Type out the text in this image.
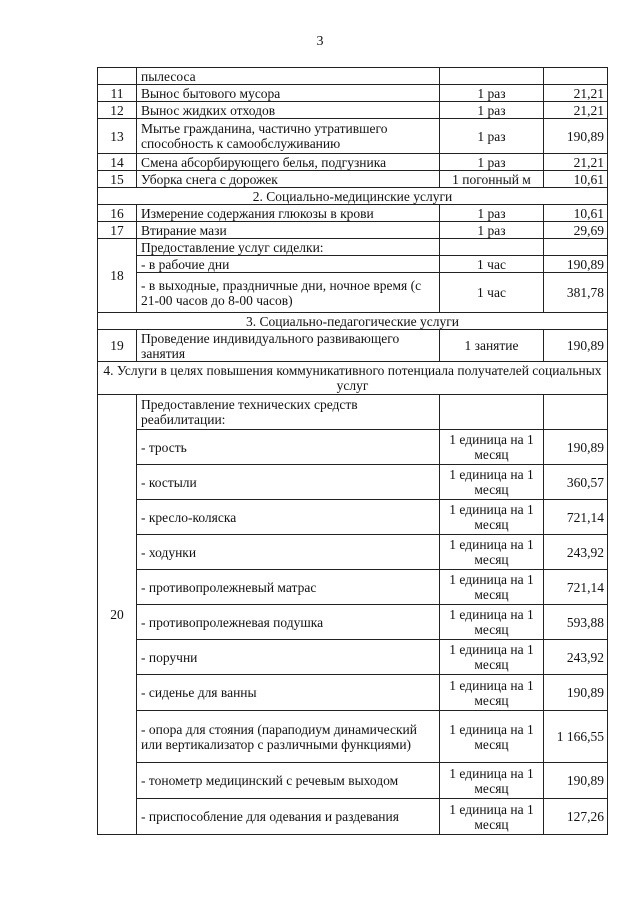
3
	пылесоса		
11	Вынос бытового мусора	1 раз	21,21
12	Вынос жидких отходов	1 раз	21,21
13	Мытье гражданина, частично утратившего способность к самообслуживанию	1 раз	190,89
14	Смена абсорбирующего белья, подгузника	1 раз	21,21
15	Уборка снега с дорожек	1 погонный м	10,61
2. Социально-медицинские услуги			
16	Измерение содержания глюкозы в крови	1 раз	10,61
17	Втирание мази	1 раз	29,69
18	Предоставление услуг сиделки:		
	- в рабочие дни	1 час	190,89
	- в выходные, праздничные дни, ночное время (с 21-00 часов до 8-00 часов)	1 час	381,78
3. Социально-педагогические услуги			
19	Проведение индивидуального развивающего занятия	1 занятие	190,89
4. Услуги в целях повышения коммуникативного потенциала получателей социальных услуг			
20	Предоставление технических средств реабилитации:		
	- трость	1 единица на 1 месяц	190,89
	- костыли	1 единица на 1 месяц	360,57
	- кресло-коляска	1 единица на 1 месяц	721,14
	- ходунки	1 единица на 1 месяц	243,92
	- противопролежневый матрас	1 единица на 1 месяц	721,14
	- противопролежневая подушка	1 единица на 1 месяц	593,88
	- поручни	1 единица на 1 месяц	243,92
	- сиденье для ванны	1 единица на 1 месяц	190,89
	- опора для стояния (параподиум динамический или вертикализатор с различными функциями)	1 единица на 1 месяц	1 166,55
	- тонометр медицинский с речевым выходом	1 единица на 1 месяц	190,89
	- приспособление для одевания и раздевания	1 единица на 1 месяц	127,26
